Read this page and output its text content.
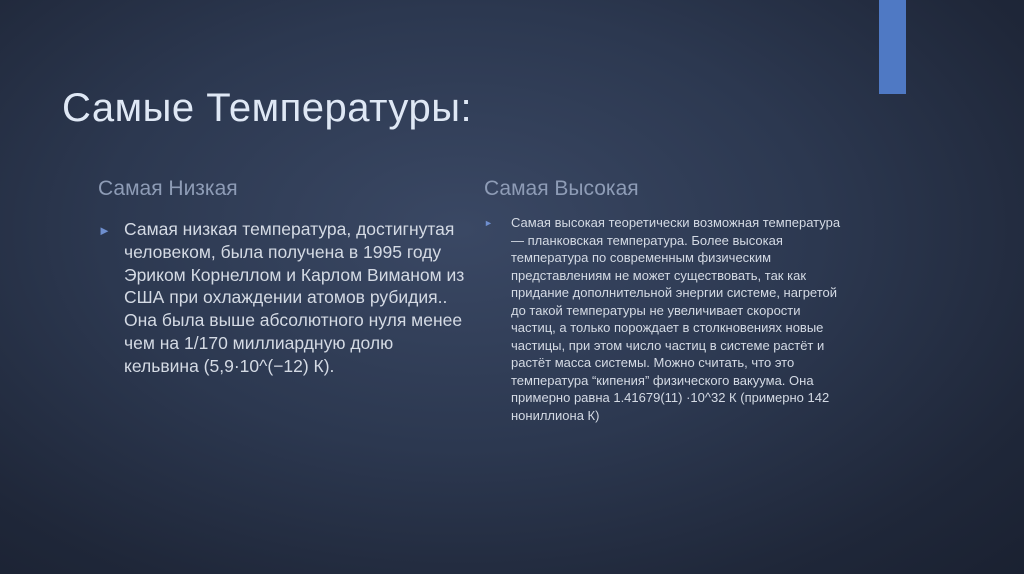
Самые Температуры:
Самая Низкая	Самая Высокая
► Самая низкая температура, достигнутая человеком, была получена в 1995 году Эриком Корнеллом и Карлом Виманом из США при охлаждении атомов рубидия.. Она была выше абсолютного нуля менее чем на 1/170 миллиардную долю кельвина (5,9·10^(−12) К).
►	Самая высокая теоретически возможная температура — планковская температура. Более высокая температура по современным физическим представлениям не может существовать, так как придание дополнительной энергии системе, нагретой до такой температуры не увеличивает скорости частиц, а только порождает в столкновениях новые частицы, при этом число частиц в системе растёт и растёт масса системы. Можно считать, что это температура “кипения” физического вакуума. Она примерно равна 1.41679(11) ·10^32 К (примерно 142 нониллиона К)
